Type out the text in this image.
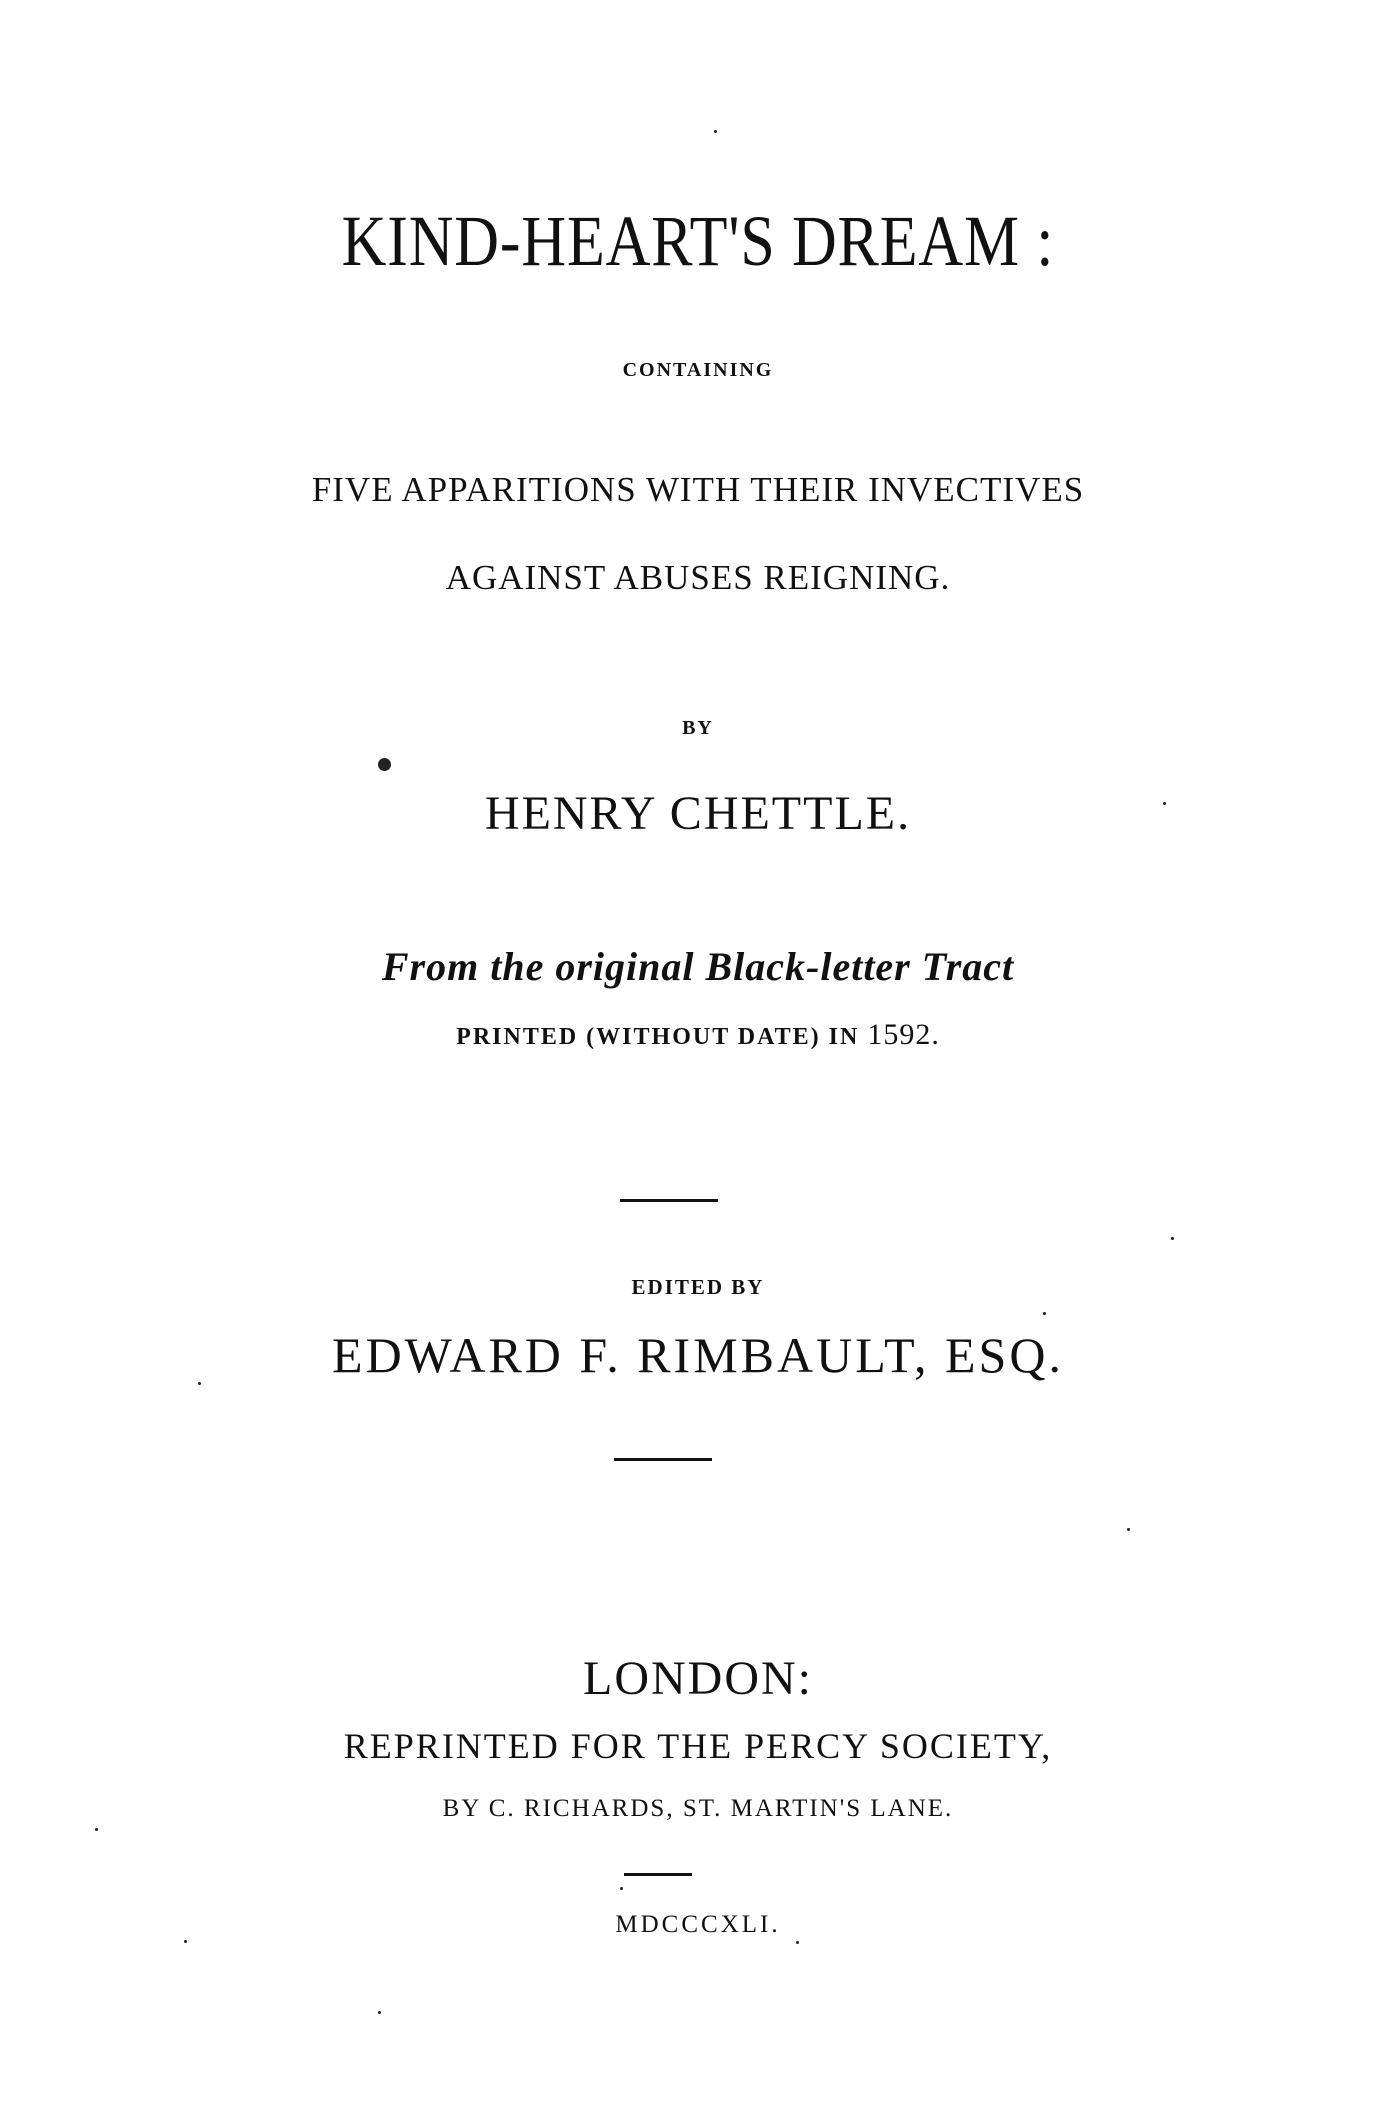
KIND-HEART'S DREAM :
CONTAINING
FIVE APPARITIONS WITH THEIR INVECTIVES
AGAINST ABUSES REIGNING.
BY
HENRY CHETTLE.
From the original Black-letter Tract
PRINTED (WITHOUT DATE) IN 1592.
EDITED BY
EDWARD F. RIMBAULT, ESQ.
LONDON:
REPRINTED FOR THE PERCY SOCIETY,
BY C. RICHARDS, ST. MARTIN'S LANE.
MDCCCXLI.
